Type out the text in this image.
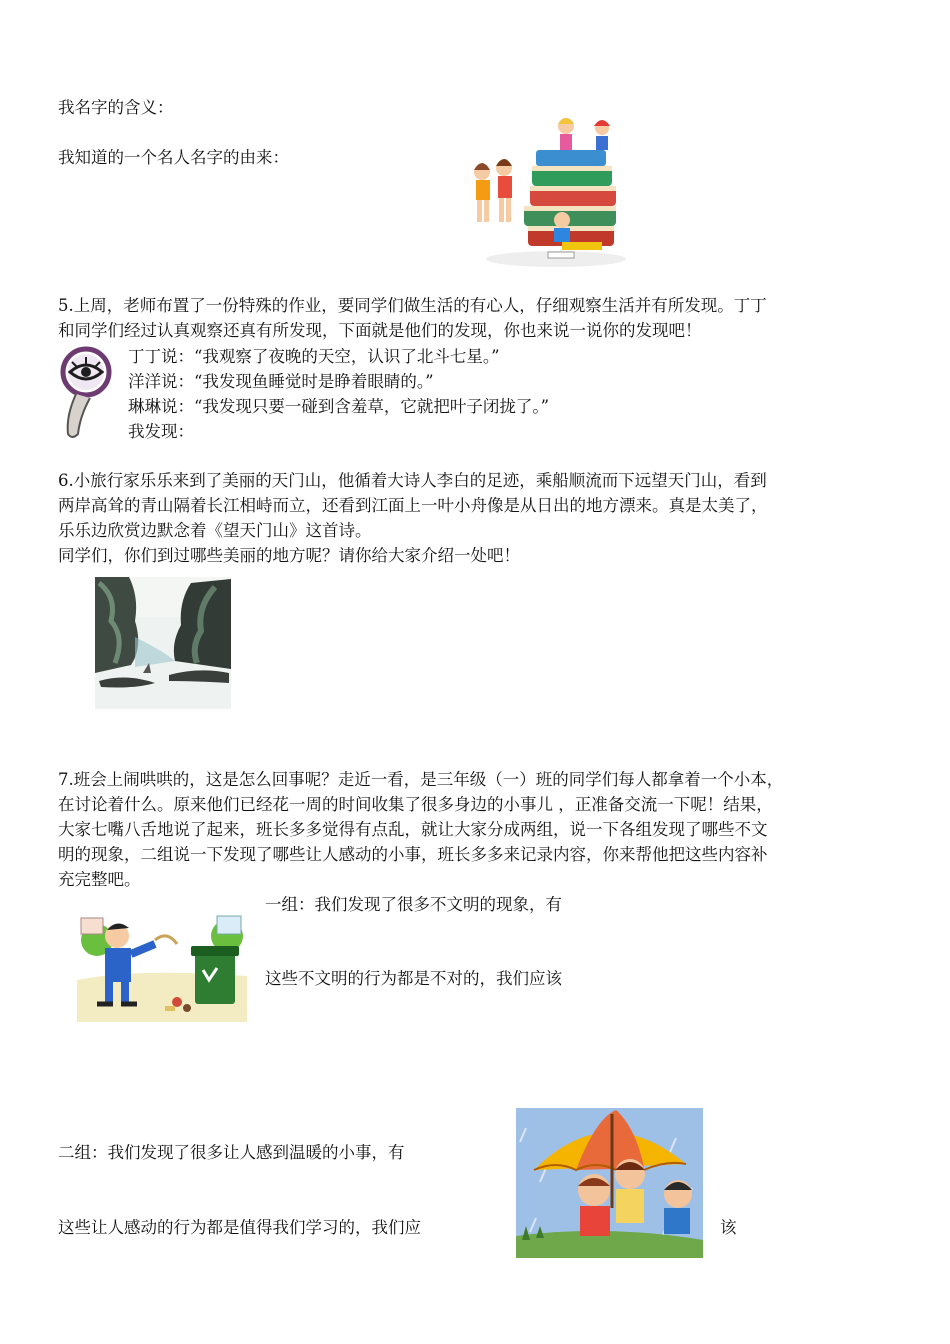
我名字的含义：
我知道的一个名人名字的由来：
5.上周，老师布置了一份特殊的作业，要同学们做生活的有心人，仔细观察生活并有所发现。丁丁
和同学们经过认真观察还真有所发现，下面就是他们的发现，你也来说一说你的发现吧！
丁丁说：“我观察了夜晚的天空，认识了北斗七星。”
洋洋说：“我发现鱼睡觉时是睁着眼睛的。”
琳琳说：“我发现只要一碰到含羞草，它就把叶子闭拢了。”
我发现：
6.小旅行家乐乐来到了美丽的天门山，他循着大诗人李白的足迹，乘船顺流而下远望天门山，看到
两岸高耸的青山隔着长江相峙而立，还看到江面上一叶小舟像是从日出的地方漂来。真是太美了，
乐乐边欣赏边默念着《望天门山》这首诗。
同学们，你们到过哪些美丽的地方呢？请你给大家介绍一处吧！
7.班会上闹哄哄的，这是怎么回事呢？走近一看，是三年级（一）班的同学们每人都拿着一个小本，
在讨论着什么。原来他们已经花一周的时间收集了很多身边的小事儿 ，正准备交流一下呢！结果，
大家七嘴八舌地说了起来，班长多多觉得有点乱，就让大家分成两组，说一下各组发现了哪些不文
明的现象，二组说一下发现了哪些让人感动的小事，班长多多来记录内容，你来帮他把这些内容补
充完整吧。
一组：我们发现了很多不文明的现象，有
这些不文明的行为都是不对的，我们应该
二组：我们发现了很多让人感到温暖的小事，有
这些让人感动的行为都是值得我们学习的，我们应	该
